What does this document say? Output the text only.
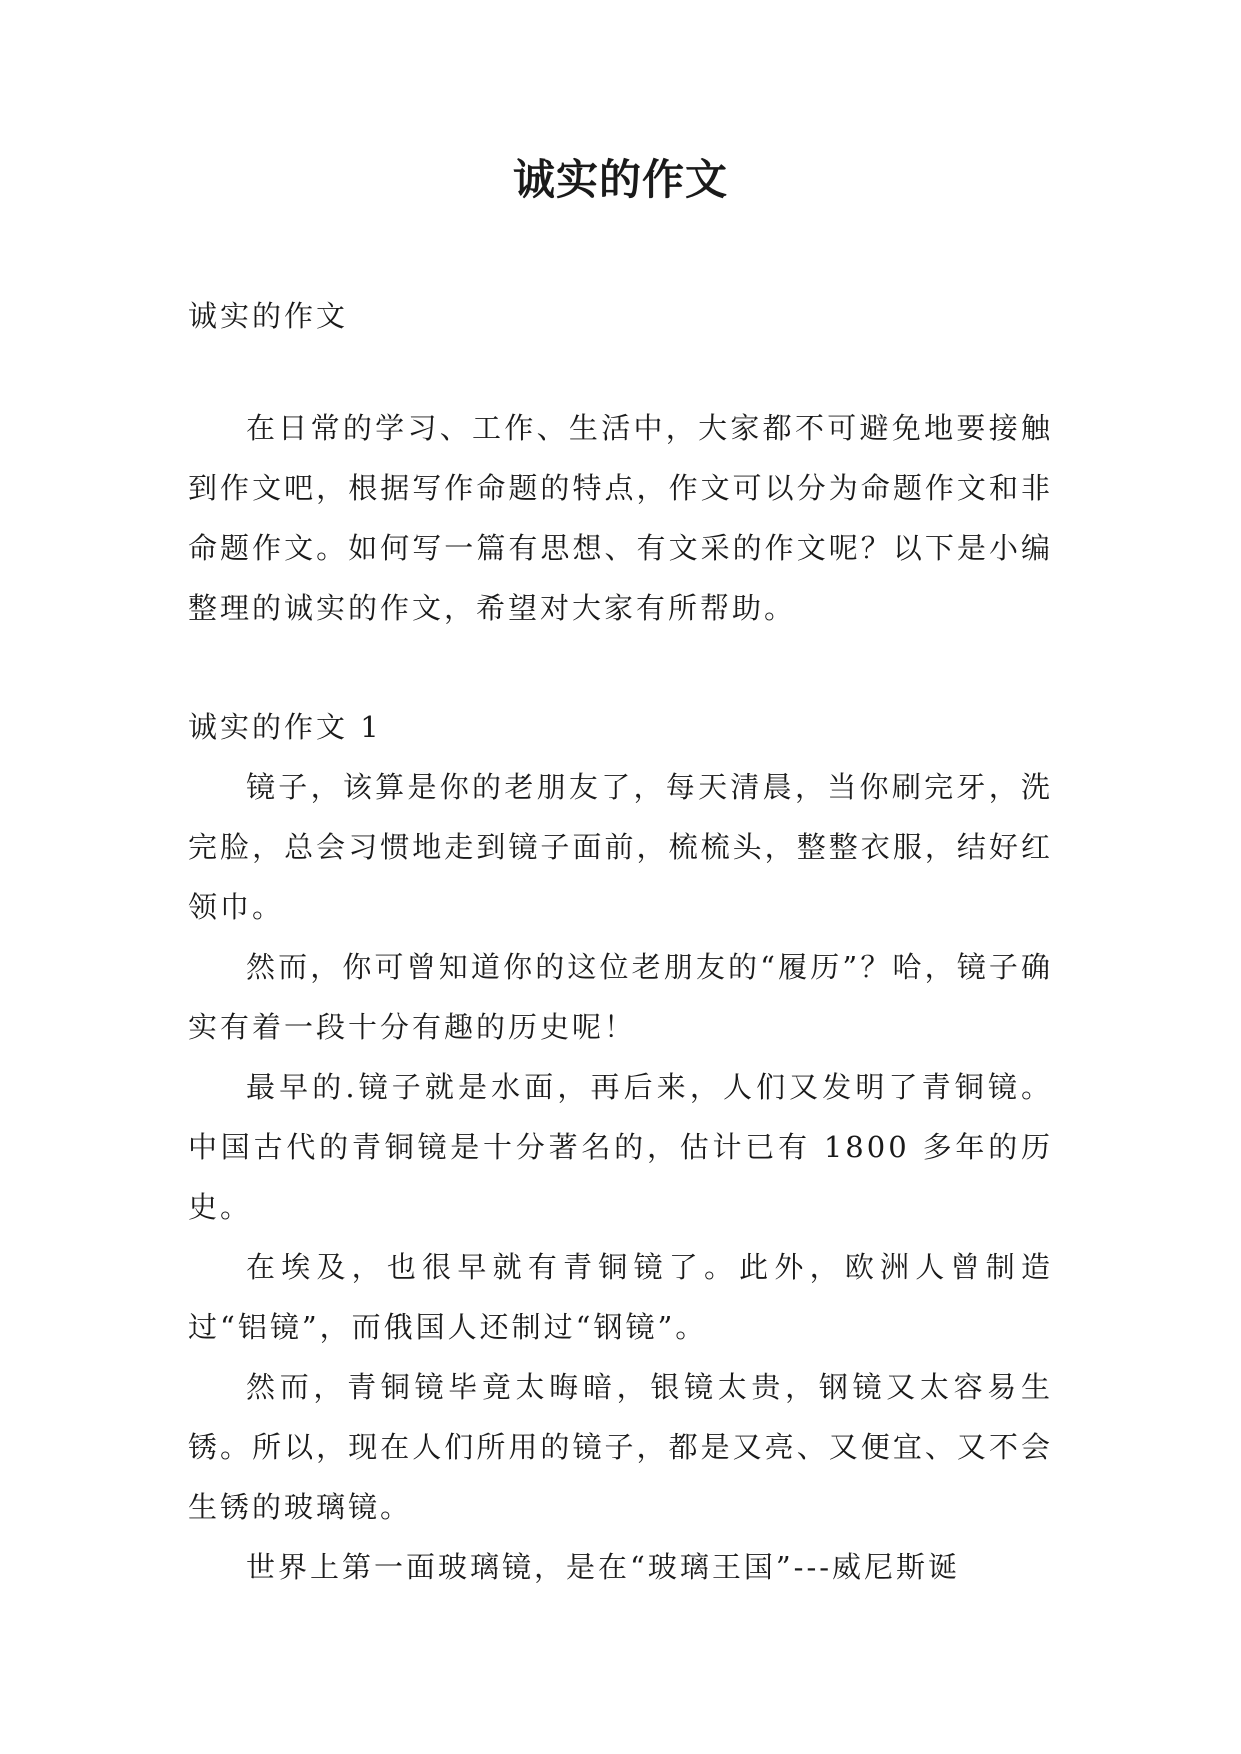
诚实的作文
诚实的作文

在日常的学习、工作、生活中，大家都不可避免地要接触到作文吧，根据写作命题的特点，作文可以分为命题作文和非命题作文。如何写一篇有思想、有文采的作文呢？以下是小编整理的诚实的作文，希望对大家有所帮助。

诚实的作文 1

镜子，该算是你的老朋友了，每天清晨，当你刷完牙，洗完脸，总会习惯地走到镜子面前，梳梳头，整整衣服，结好红领巾。

然而，你可曾知道你的这位老朋友的“履历”？哈，镜子确实有着一段十分有趣的历史呢！

最早的.镜子就是水面，再后来，人们又发明了青铜镜。中国古代的青铜镜是十分著名的，估计已有 1800 多年的历史。

在埃及，也很早就有青铜镜了。此外，欧洲人曾制造过“铝镜”，而俄国人还制过“钢镜”。

然而，青铜镜毕竟太晦暗，银镜太贵，钢镜又太容易生锈。所以，现在人们所用的镜子，都是又亮、又便宜、又不会生锈的玻璃镜。

世界上第一面玻璃镜，是在“玻璃王国”---威尼斯诞
